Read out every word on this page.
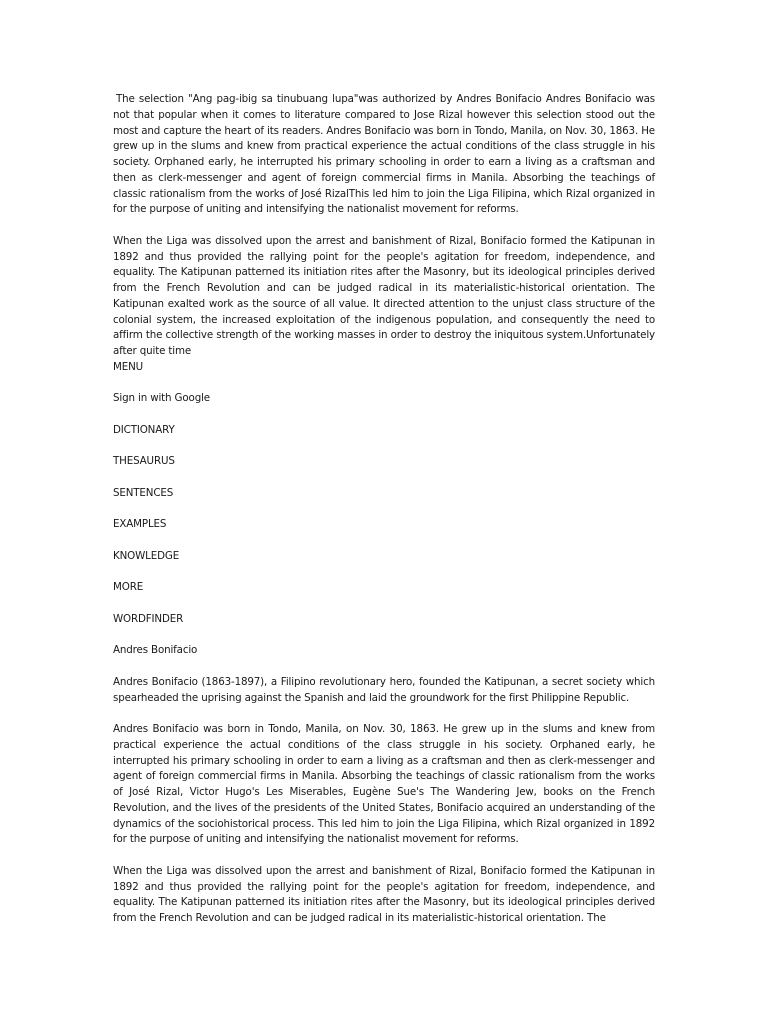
The selection "Ang pag-ibig sa tinubuang lupa"was authorized by Andres Bonifacio Andres Bonifacio was not that popular when it comes to literature compared to Jose Rizal however this selection stood out the most and capture the heart of its readers. Andres Bonifacio was born in Tondo, Manila, on Nov. 30, 1863. He grew up in the slums and knew from practical experience the actual conditions of the class struggle in his society. Orphaned early, he interrupted his primary schooling in order to earn a living as a craftsman and then as clerk-messenger and agent of foreign commercial firms in Manila. Absorbing the teachings of classic rationalism from the works of José RizalThis led him to join the Liga Filipina, which Rizal organized in for the purpose of uniting and intensifying the nationalist movement for reforms.

When the Liga was dissolved upon the arrest and banishment of Rizal, Bonifacio formed the Katipunan in 1892 and thus provided the rallying point for the people's agitation for freedom, independence, and equality. The Katipunan patterned its initiation rites after the Masonry, but its ideological principles derived from the French Revolution and can be judged radical in its materialistic-historical orientation. The Katipunan exalted work as the source of all value. It directed attention to the unjust class structure of the colonial system, the increased exploitation of the indigenous population, and consequently the need to affirm the collective strength of the working masses in order to destroy the iniquitous system.Unfortunately after quite time

MENU

Sign in with Google

DICTIONARY

THESAURUS

SENTENCES

EXAMPLES

KNOWLEDGE

MORE

WORDFINDER

Andres Bonifacio

Andres Bonifacio (1863-1897), a Filipino revolutionary hero, founded the Katipunan, a secret society which spearheaded the uprising against the Spanish and laid the groundwork for the first Philippine Republic.

Andres Bonifacio was born in Tondo, Manila, on Nov. 30, 1863. He grew up in the slums and knew from practical experience the actual conditions of the class struggle in his society. Orphaned early, he interrupted his primary schooling in order to earn a living as a craftsman and then as clerk-messenger and agent of foreign commercial firms in Manila. Absorbing the teachings of classic rationalism from the works of José Rizal, Victor Hugo's Les Miserables, Eugène Sue's The Wandering Jew, books on the French Revolution, and the lives of the presidents of the United States, Bonifacio acquired an understanding of the dynamics of the sociohistorical process. This led him to join the Liga Filipina, which Rizal organized in 1892 for the purpose of uniting and intensifying the nationalist movement for reforms.

When the Liga was dissolved upon the arrest and banishment of Rizal, Bonifacio formed the Katipunan in 1892 and thus provided the rallying point for the people's agitation for freedom, independence, and equality. The Katipunan patterned its initiation rites after the Masonry, but its ideological principles derived from the French Revolution and can be judged radical in its materialistic-historical orientation. The
